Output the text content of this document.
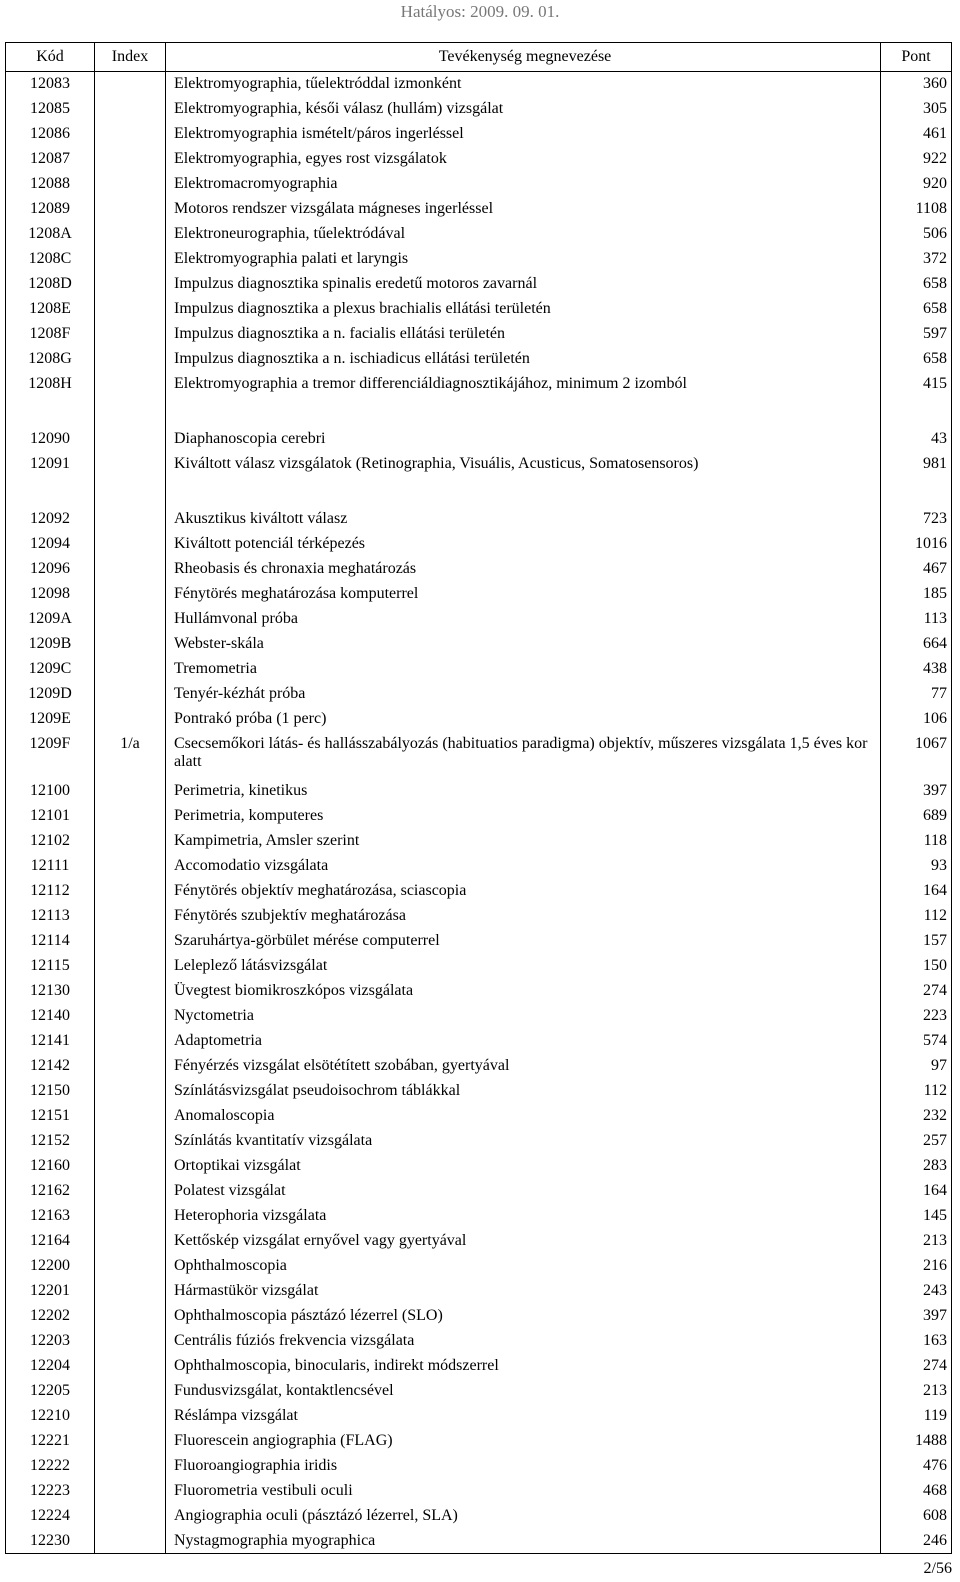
Hatályos: 2009. 09. 01.
Kód	Index	Tevékenység megnevezése	Pont
12083		Elektromyographia, tűelektróddal izmonként	360
12085		Elektromyographia, késői válasz (hullám) vizsgálat	305
12086		Elektromyographia ismételt/páros ingerléssel	461
12087		Elektromyographia, egyes rost vizsgálatok	922
12088		Elektromacromyographia	920
12089		Motoros rendszer vizsgálata mágneses ingerléssel	1108
1208A		Elektroneurographia, tűelektródával	506
1208C		Elektromyographia palati et laryngis	372
1208D		Impulzus diagnosztika spinalis eredetű motoros zavarnál	658
1208E		Impulzus diagnosztika a plexus brachialis ellátási területén	658
1208F		Impulzus diagnosztika a n. facialis ellátási területén	597
1208G		Impulzus diagnosztika a n. ischiadicus ellátási területén	658
1208H		Elektromyographia a tremor differenciáldiagnosztikájához, minimum 2 izomból	415
12090		Diaphanoscopia cerebri	43
12091		Kiváltott válasz vizsgálatok (Retinographia, Visuális, Acusticus, Somatosensoros)	981
12092		Akusztikus kiváltott válasz	723
12094		Kiváltott potenciál térképezés	1016
12096		Rheobasis és chronaxia meghatározás	467
12098		Fénytörés meghatározása komputerrel	185
1209A		Hullámvonal próba	113
1209B		Webster-skála	664
1209C		Tremometria	438
1209D		Tenyér-kézhát próba	77
1209E		Pontrakó próba (1 perc)	106
1209F	1/a	Csecsemőkori látás- és hallásszabályozás (habituatios paradigma) objektív, műszeres vizsgálata 1,5 éves kor alatt	1067
12100		Perimetria, kinetikus	397
12101		Perimetria, komputeres	689
12102		Kampimetria, Amsler szerint	118
12111		Accomodatio vizsgálata	93
12112		Fénytörés objektív meghatározása, sciascopia	164
12113		Fénytörés szubjektív meghatározása	112
12114		Szaruhártya-görbület mérése computerrel	157
12115		Leleplező látásvizsgálat	150
12130		Üvegtest biomikroszkópos vizsgálata	274
12140		Nyctometria	223
12141		Adaptometria	574
12142		Fényérzés vizsgálat elsötétített szobában, gyertyával	97
12150		Színlátásvizsgálat pseudoisochrom táblákkal	112
12151		Anomaloscopia	232
12152		Színlátás kvantitatív vizsgálata	257
12160		Ortoptikai vizsgálat	283
12162		Polatest vizsgálat	164
12163		Heterophoria vizsgálata	145
12164		Kettőskép vizsgálat ernyővel vagy gyertyával	213
12200		Ophthalmoscopia	216
12201		Hármastükör vizsgálat	243
12202		Ophthalmoscopia pásztázó lézerrel (SLO)	397
12203		Centrális fúziós frekvencia vizsgálata	163
12204		Ophthalmoscopia, binocularis, indirekt módszerrel	274
12205		Fundusvizsgálat, kontaktlencsével	213
12210		Réslámpa vizsgálat	119
12221		Fluorescein angiographia (FLAG)	1488
12222		Fluoroangiographia iridis	476
12223		Fluorometria vestibuli oculi	468
12224		Angiographia oculi (pásztázó lézerrel, SLA)	608
12230		Nystagmographia myographica	246
2/56
